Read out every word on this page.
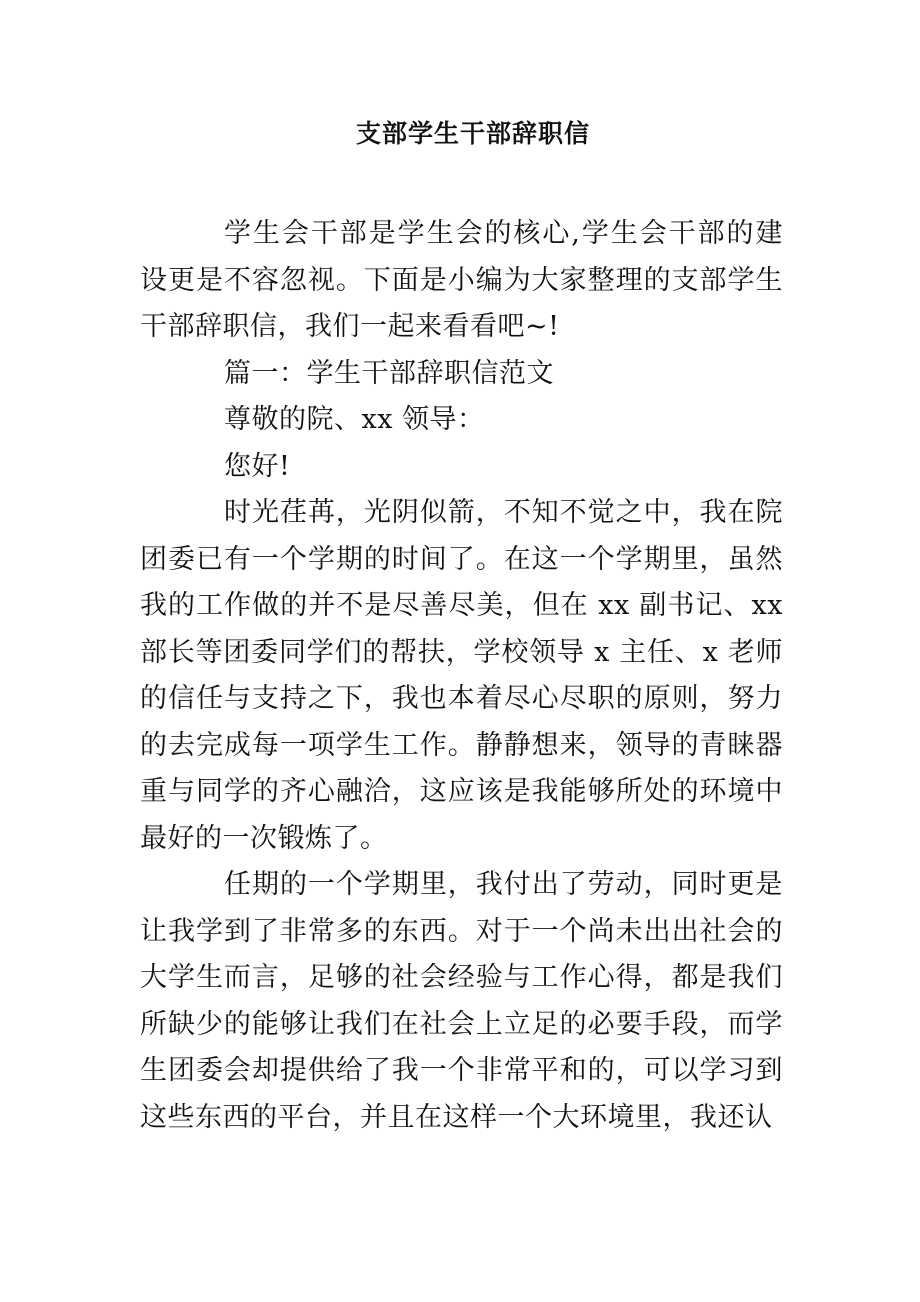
支部学生干部辞职信

学生会干部是学生会的核心,学生会干部的建设更是不容忽视。下面是小编为大家整理的支部学生干部辞职信，我们一起来看看吧~!

篇一：学生干部辞职信范文

尊敬的院、xx 领导：

您好!

时光荏苒，光阴似箭，不知不觉之中，我在院团委已有一个学期的时间了。在这一个学期里，虽然我的工作做的并不是尽善尽美，但在 xx 副书记、xx 部长等团委同学们的帮扶，学校领导 x 主任、x 老师的信任与支持之下，我也本着尽心尽职的原则，努力的去完成每一项学生工作。静静想来，领导的青睐器重与同学的齐心融洽，这应该是我能够所处的环境中最好的一次锻炼了。

任期的一个学期里，我付出了劳动，同时更是让我学到了非常多的东西。对于一个尚未出出社会的大学生而言，足够的社会经验与工作心得，都是我们所缺少的能够让我们在社会上立足的必要手段，而学生团委会却提供给了我一个非常平和的，可以学习到这些东西的平台，并且在这样一个大环境里，我还认
